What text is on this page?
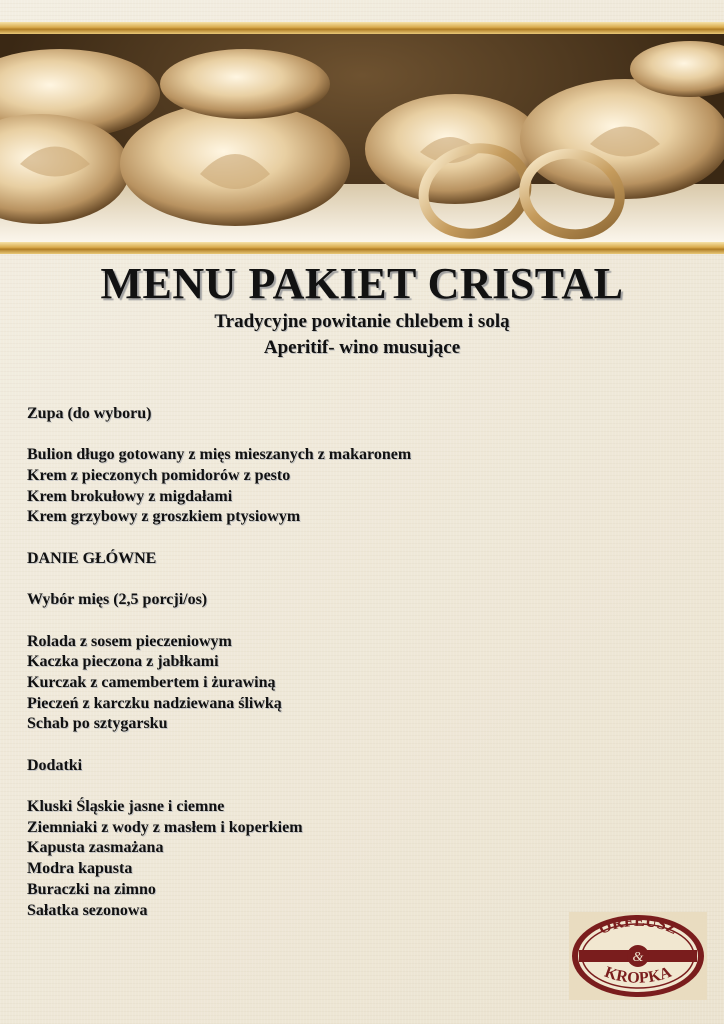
MENU PAKIET CRISTAL
Tradycyjne powitanie chlebem i solą
Aperitif- wino musujące
Zupa (do wyboru)
Bulion długo gotowany z mięs mieszanych z makaronem
Krem z pieczonych pomidorów z pesto
Krem brokułowy z migdałami
Krem grzybowy z groszkiem ptysiowym
DANIE GŁÓWNE
Wybór mięs (2,5 porcji/os)
Rolada z sosem pieczeniowym
Kaczka pieczona z jabłkami
Kurczak z camembertem i żurawiną
Pieczeń z karczku nadziewana śliwką
Schab po sztygarsku
Dodatki
Kluski Śląskie jasne i ciemne
Ziemniaki z wody z masłem i koperkiem
Kapusta zasmażana
Modra kapusta
Buraczki na zimno
Sałatka sezonowa
&
ORFEUSZ
KROPKA
